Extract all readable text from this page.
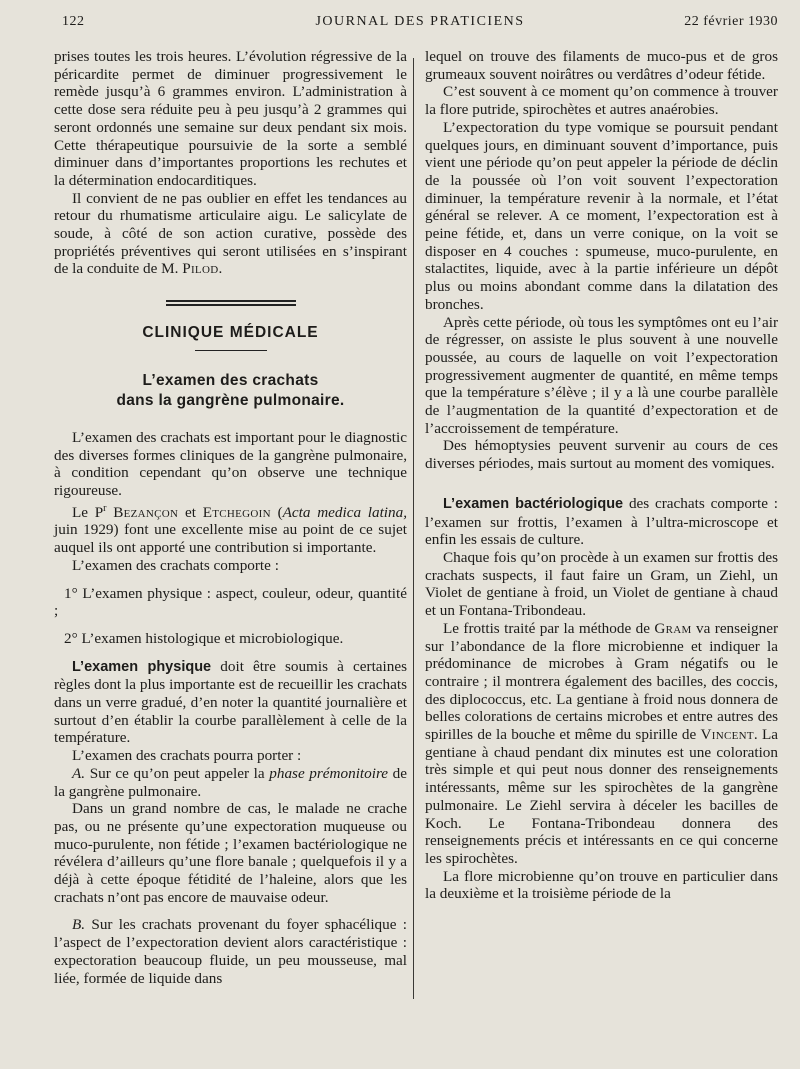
122	JOURNAL DES PRATICIENS	22 février 1930

prises toutes les trois heures. L’évolution régressive de la péricardite permet de diminuer progressivement le remède jusqu’à 6 grammes environ. L’administration à cette dose sera réduite peu à peu jusqu’à 2 grammes qui seront ordonnés une semaine sur deux pendant six mois. Cette thérapeutique poursuivie de la sorte a semblé diminuer dans d’importantes proportions les rechutes et la détermination endocarditiques.

Il convient de ne pas oublier en effet les tendances au retour du rhumatisme articulaire aigu. Le salicylate de soude, à côté de son action curative, possède des propriétés préventives qui seront utilisées en s’inspirant de la conduite de M. Pilod.

CLINIQUE MÉDICALE
L’examen des crachats
dans la gangrène pulmonaire.

L’examen des crachats est important pour le diagnostic des diverses formes cliniques de la gangrène pulmonaire, à condition cependant qu’on observe une technique rigoureuse.

Le $P^r$ Bezançon et Etchegoin (Acta medica latina, juin 1929) font une excellente mise au point de ce sujet auquel ils ont apporté une contribution si importante.

L’examen des crachats comporte :

1° L’examen physique : aspect, couleur, odeur, quantité ;

2° L’examen histologique et microbiologique.

L’examen physique doit être soumis à certaines règles dont la plus importante est de recueillir les crachats dans un verre gradué, d’en noter la quantité journalière et surtout d’en établir la courbe parallèlement à celle de la température.

L’examen des crachats pourra porter :

A. Sur ce qu’on peut appeler la phase prémonitoire de la gangrène pulmonaire.

Dans un grand nombre de cas, le malade ne crache pas, ou ne présente qu’une expectoration muqueuse ou muco-purulente, non fétide ; l’examen bactériologique ne révélera d’ailleurs qu’une flore banale ; quelquefois il y a déjà à cette époque fétidité de l’haleine, alors que les crachats n’ont pas encore de mauvaise odeur.

B. Sur les crachats provenant du foyer sphacélique : l’aspect de l’expectoration devient alors caractéristique : expectoration beaucoup fluide, un peu mousseuse, mal liée, formée de liquide dans

lequel on trouve des filaments de muco-pus et de gros grumeaux souvent noirâtres ou verdâtres d’odeur fétide.

C’est souvent à ce moment qu’on commence à trouver la flore putride, spirochètes et autres anaérobies.

L’expectoration du type vomique se poursuit pendant quelques jours, en diminuant souvent d’importance, puis vient une période qu’on peut appeler la période de déclin de la poussée où l’on voit souvent l’expectoration diminuer, la température revenir à la normale, et l’état général se relever. A ce moment, l’expectoration est à peine fétide, et, dans un verre conique, on la voit se disposer en 4 couches : spumeuse, muco-purulente, en stalactites, liquide, avec à la partie inférieure un dépôt plus ou moins abondant comme dans la dilatation des bronches.

Après cette période, où tous les symptômes ont eu l’air de régresser, on assiste le plus souvent à une nouvelle poussée, au cours de laquelle on voit l’expectoration progressivement augmenter de quantité, en même temps que la température s’élève ; il y a là une courbe parallèle de l’augmentation de la quantité d’expectoration et de l’accroissement de température.

Des hémoptysies peuvent survenir au cours de ces diverses périodes, mais surtout au moment des vomiques.

L’examen bactériologique des crachats comporte : l’examen sur frottis, l’examen à l’ultra-microscope et enfin les essais de culture.

Chaque fois qu’on procède à un examen sur frottis des crachats suspects, il faut faire un Gram, un Ziehl, un Violet de gentiane à froid, un Violet de gentiane à chaud et un Fontana-Tribondeau.

Le frottis traité par la méthode de Gram va renseigner sur l’abondance de la flore microbienne et indiquer la prédominance de microbes à Gram négatifs ou le contraire ; il montrera également des bacilles, des coccis, des diplococcus, etc. La gentiane à froid nous donnera de belles colorations de certains microbes et entre autres des spirilles de la bouche et même du spirille de Vincent. La gentiane à chaud pendant dix minutes est une coloration très simple et qui peut nous donner des renseignements intéressants, même sur les spirochètes de la gangrène pulmonaire. Le Ziehl servira à déceler les bacilles de Koch. Le Fontana-Tribondeau donnera des renseignements précis et intéressants en ce qui concerne les spirochètes.

La flore microbienne qu’on trouve en particulier dans la deuxième et la troisième période de la
